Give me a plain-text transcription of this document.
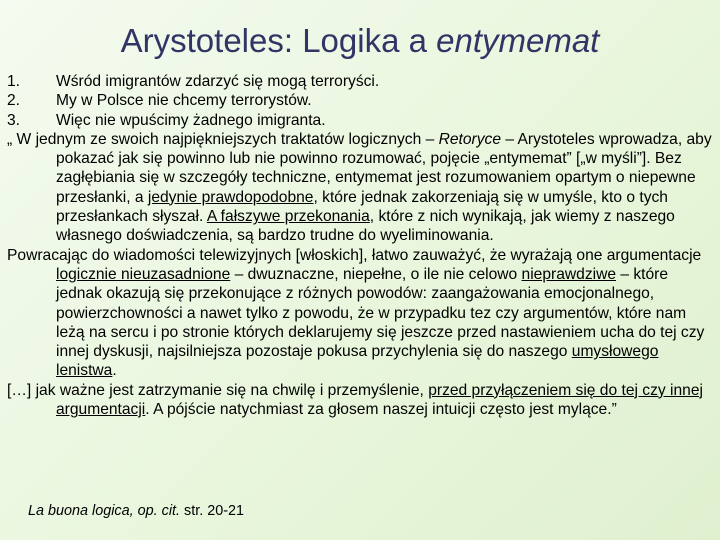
Arystoteles: Logika a entymemat
1.	Wśród imigrantów zdarzyć się mogą terroryści.
2.	My w Polsce nie chcemy terrorystów.
3.	Więc nie wpuścimy żadnego imigranta.
„ W jednym ze swoich najpiękniejszych traktatów logicznych – Retoryce – Arystoteles wprowadza, aby pokazać jak się powinno lub nie powinno rozumować, pojęcie „entymemat” [„w myśli”]. Bez zagłębiania się w szczegóły techniczne, entymemat jest rozumowaniem opartym o niepewne przesłanki, a jedynie prawdopodobne, które jednak zakorzeniają się w umyśle, kto o tych przesłankach słyszał. A fałszywe przekonania, które z nich wynikają, jak wiemy z naszego własnego doświadczenia, są bardzo trudne do wyeliminowania.
Powracając do wiadomości telewizyjnych [włoskich], łatwo zauważyć, że wyrażają one argumentacje logicznie nieuzasadnione – dwuznaczne, niepełne, o ile nie celowo nieprawdziwe – które jednak okazują się przekonujące z różnych powodów: zaangażowania emocjonalnego, powierzchowności a nawet tylko z powodu, że w przypadku tez czy argumentów, które nam leżą na sercu i po stronie których deklarujemy się jeszcze przed nastawieniem ucha do tej czy innej dyskusji, najsilniejsza pozostaje pokusa przychylenia się do naszego umysłowego lenistwa.
[…] jak ważne jest zatrzymanie się na chwilę i przemyślenie, przed przyłączeniem się do tej czy innej argumentacji. A pójście natychmiast za głosem naszej intuicji często jest mylące.”
La buona logica, op. cit. str. 20-21
